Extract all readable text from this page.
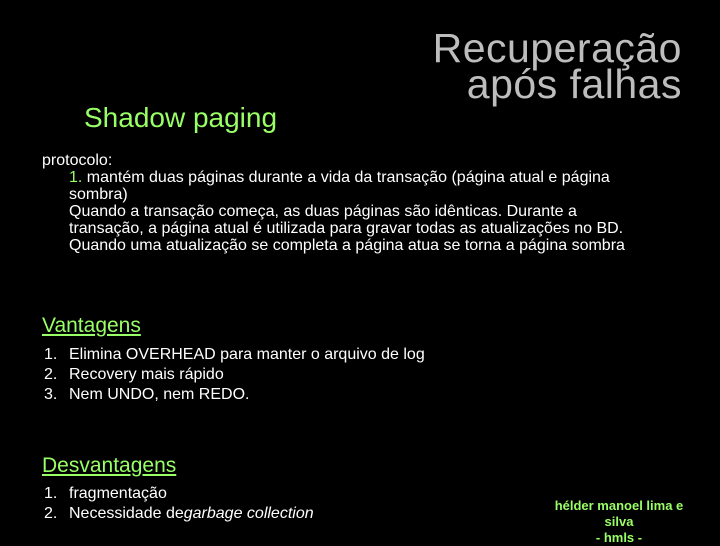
Recuperação
após falhas
Shadow paging
protocolo:
1. mantém duas páginas durante a vida da transação (página atual e página
sombra)
Quando a transação começa, as duas páginas são idênticas. Durante a
transação, a página atual é utilizada para gravar todas as atualizações no BD.
Quando uma atualização se completa a página atua se torna a página sombra
Vantagens
1. Elimina OVERHEAD para manter o arquivo de log
2. Recovery mais rápido
3. Nem UNDO, nem REDO.
Desvantagens
1. fragmentação
2. Necessidade de garbage collection	hélder manoel lima e
silva
- hmls -
